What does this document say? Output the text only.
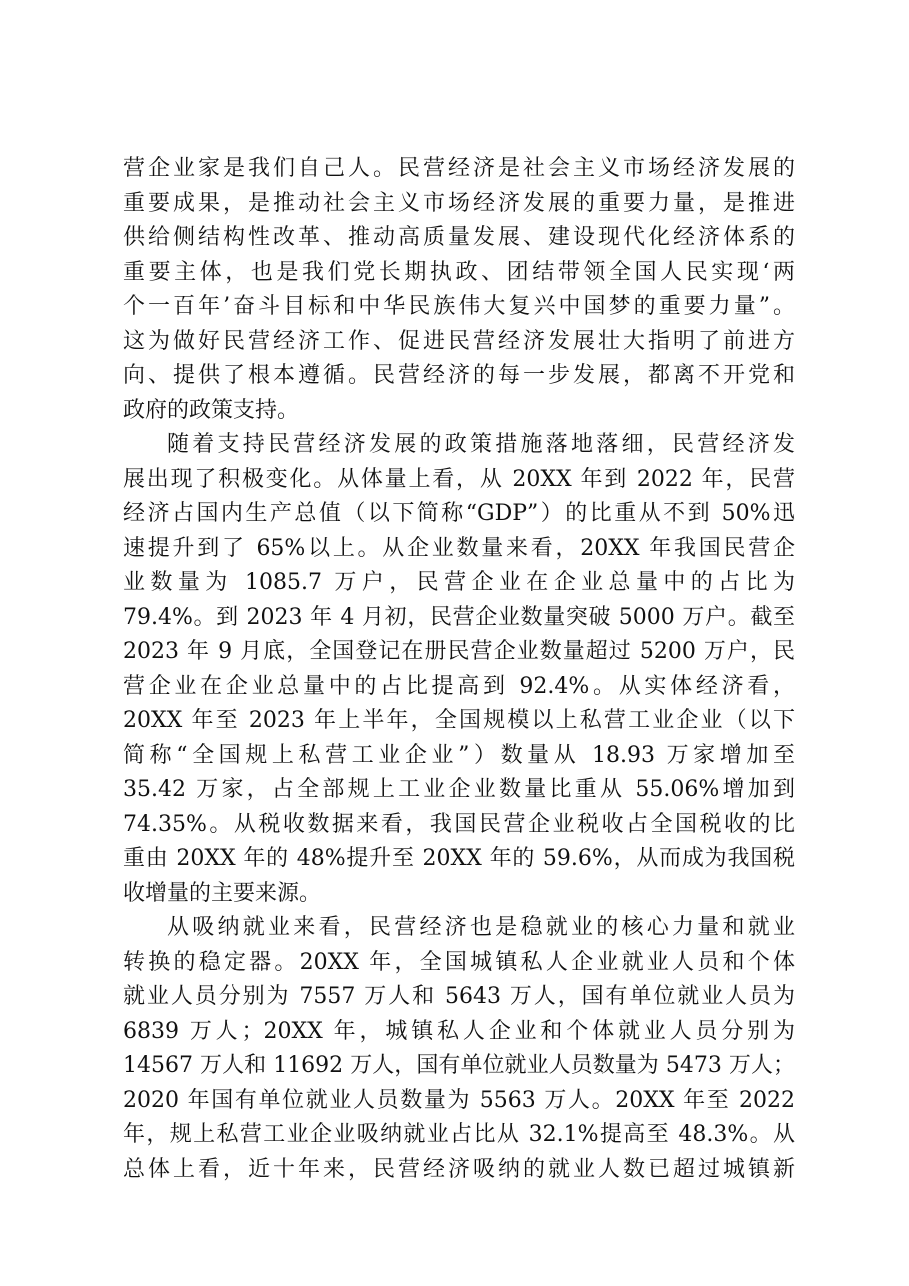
营企业家是我们自己人。民营经济是社会主义市场经济发展的
重要成果，是推动社会主义市场经济发展的重要力量，是推进
供给侧结构性改革、推动高质量发展、建设现代化经济体系的
重要主体，也是我们党长期执政、团结带领全国人民实现‘两
个一百年’奋斗目标和中华民族伟大复兴中国梦的重要力量”。
这为做好民营经济工作、促进民营经济发展壮大指明了前进方
向、提供了根本遵循。民营经济的每一步发展，都离不开党和
政府的政策支持。
随着支持民营经济发展的政策措施落地落细，民营经济发
展出现了积极变化。从体量上看，从 20XX 年到 2022 年，民营
经济占国内生产总值（以下简称“GDP”）的比重从不到 50%迅
速提升到了 65%以上。从企业数量来看，20XX 年我国民营企
业数量为 1085.7 万户，民营企业在企业总量中的占比为
79.4%。到 2023 年 4 月初，民营企业数量突破 5000 万户。截至
2023 年 9 月底，全国登记在册民营企业数量超过 5200 万户，民
营企业在企业总量中的占比提高到 92.4%。从实体经济看，
20XX 年至 2023 年上半年，全国规模以上私营工业企业（以下
简称“全国规上私营工业企业”）数量从 18.93 万家增加至
35.42 万家，占全部规上工业企业数量比重从 55.06%增加到
74.35%。从税收数据来看，我国民营企业税收占全国税收的比
重由 20XX 年的 48%提升至 20XX 年的 59.6%，从而成为我国税
收增量的主要来源。
从吸纳就业来看，民营经济也是稳就业的核心力量和就业
转换的稳定器。20XX 年，全国城镇私人企业就业人员和个体
就业人员分别为 7557 万人和 5643 万人，国有单位就业人员为
6839 万人；20XX 年，城镇私人企业和个体就业人员分别为
14567 万人和 11692 万人，国有单位就业人员数量为 5473 万人；
2020 年国有单位就业人员数量为 5563 万人。20XX 年至 2022
年，规上私营工业企业吸纳就业占比从 32.1%提高至 48.3%。从
总体上看，近十年来，民营经济吸纳的就业人数已超过城镇新
